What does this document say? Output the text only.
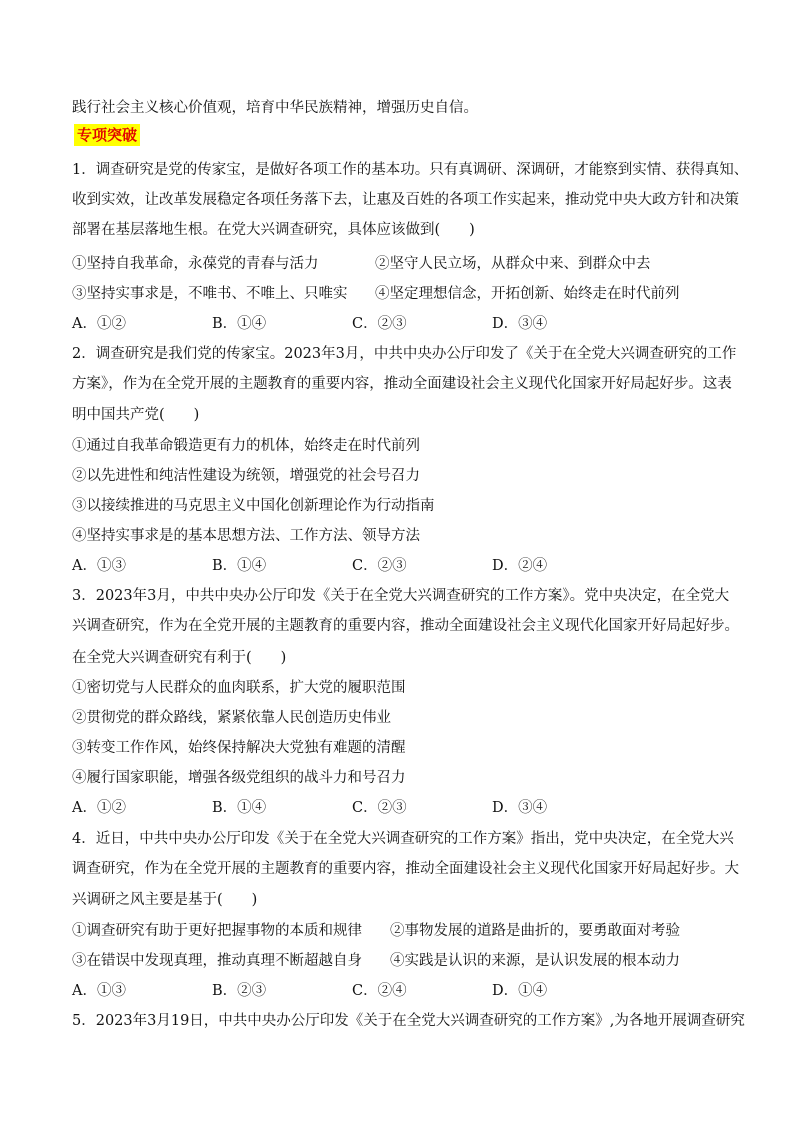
践行社会主义核心价值观，培育中华民族精神，增强历史自信。
专项突破
1．调查研究是党的传家宝，是做好各项工作的基本功。只有真调研、深调研，才能察到实情、获得真知、
收到实效，让改革发展稳定各项任务落下去，让惠及百姓的各项工作实起来，推动党中央大政方针和决策
部署在基层落地生根。在党大兴调查研究，具体应该做到(　　)
①坚持自我革命，永葆党的青春与活力	②坚守人民立场，从群众中来、到群众中去
③坚持实事求是，不唯书、不唯上、只唯实	④坚定理想信念，开拓创新、始终走在时代前列
A．①②	B．①④	C．②③	D．③④
2．调查研究是我们党的传家宝。2023年3月，中共中央办公厅印发了《关于在全党大兴调查研究的工作
方案》，作为在全党开展的主题教育的重要内容，推动全面建设社会主义现代化国家开好局起好步。这表
明中国共产党(　　)
①通过自我革命锻造更有力的机体，始终走在时代前列
②以先进性和纯洁性建设为统领，增强党的社会号召力
③以接续推进的马克思主义中国化创新理论作为行动指南
④坚持实事求是的基本思想方法、工作方法、领导方法
A．①③	B．①④	C．②③	D．②④
3．2023年3月，中共中央办公厅印发《关于在全党大兴调查研究的工作方案》。党中央决定，在全党大
兴调查研究，作为在全党开展的主题教育的重要内容，推动全面建设社会主义现代化国家开好局起好步。
在全党大兴调查研究有利于(　　)
①密切党与人民群众的血肉联系，扩大党的履职范围
②贯彻党的群众路线，紧紧依靠人民创造历史伟业
③转变工作作风，始终保持解决大党独有难题的清醒
④履行国家职能，增强各级党组织的战斗力和号召力
A．①②	B．①④	C．②③	D．③④
4．近日，中共中央办公厅印发《关于在全党大兴调查研究的工作方案》指出，党中央决定，在全党大兴
调查研究，作为在全党开展的主题教育的重要内容，推动全面建设社会主义现代化国家开好局起好步。大
兴调研之风主要是基于(　　)
①调查研究有助于更好把握事物的本质和规律	②事物发展的道路是曲折的，要勇敢面对考验
③在错误中发现真理，推动真理不断超越自身	④实践是认识的来源，是认识发展的根本动力
A．①③	B．②③	C．②④	D．①④
5．2023年3月19日，中共中央办公厅印发《关于在全党大兴调查研究的工作方案》,为各地开展调查研究
